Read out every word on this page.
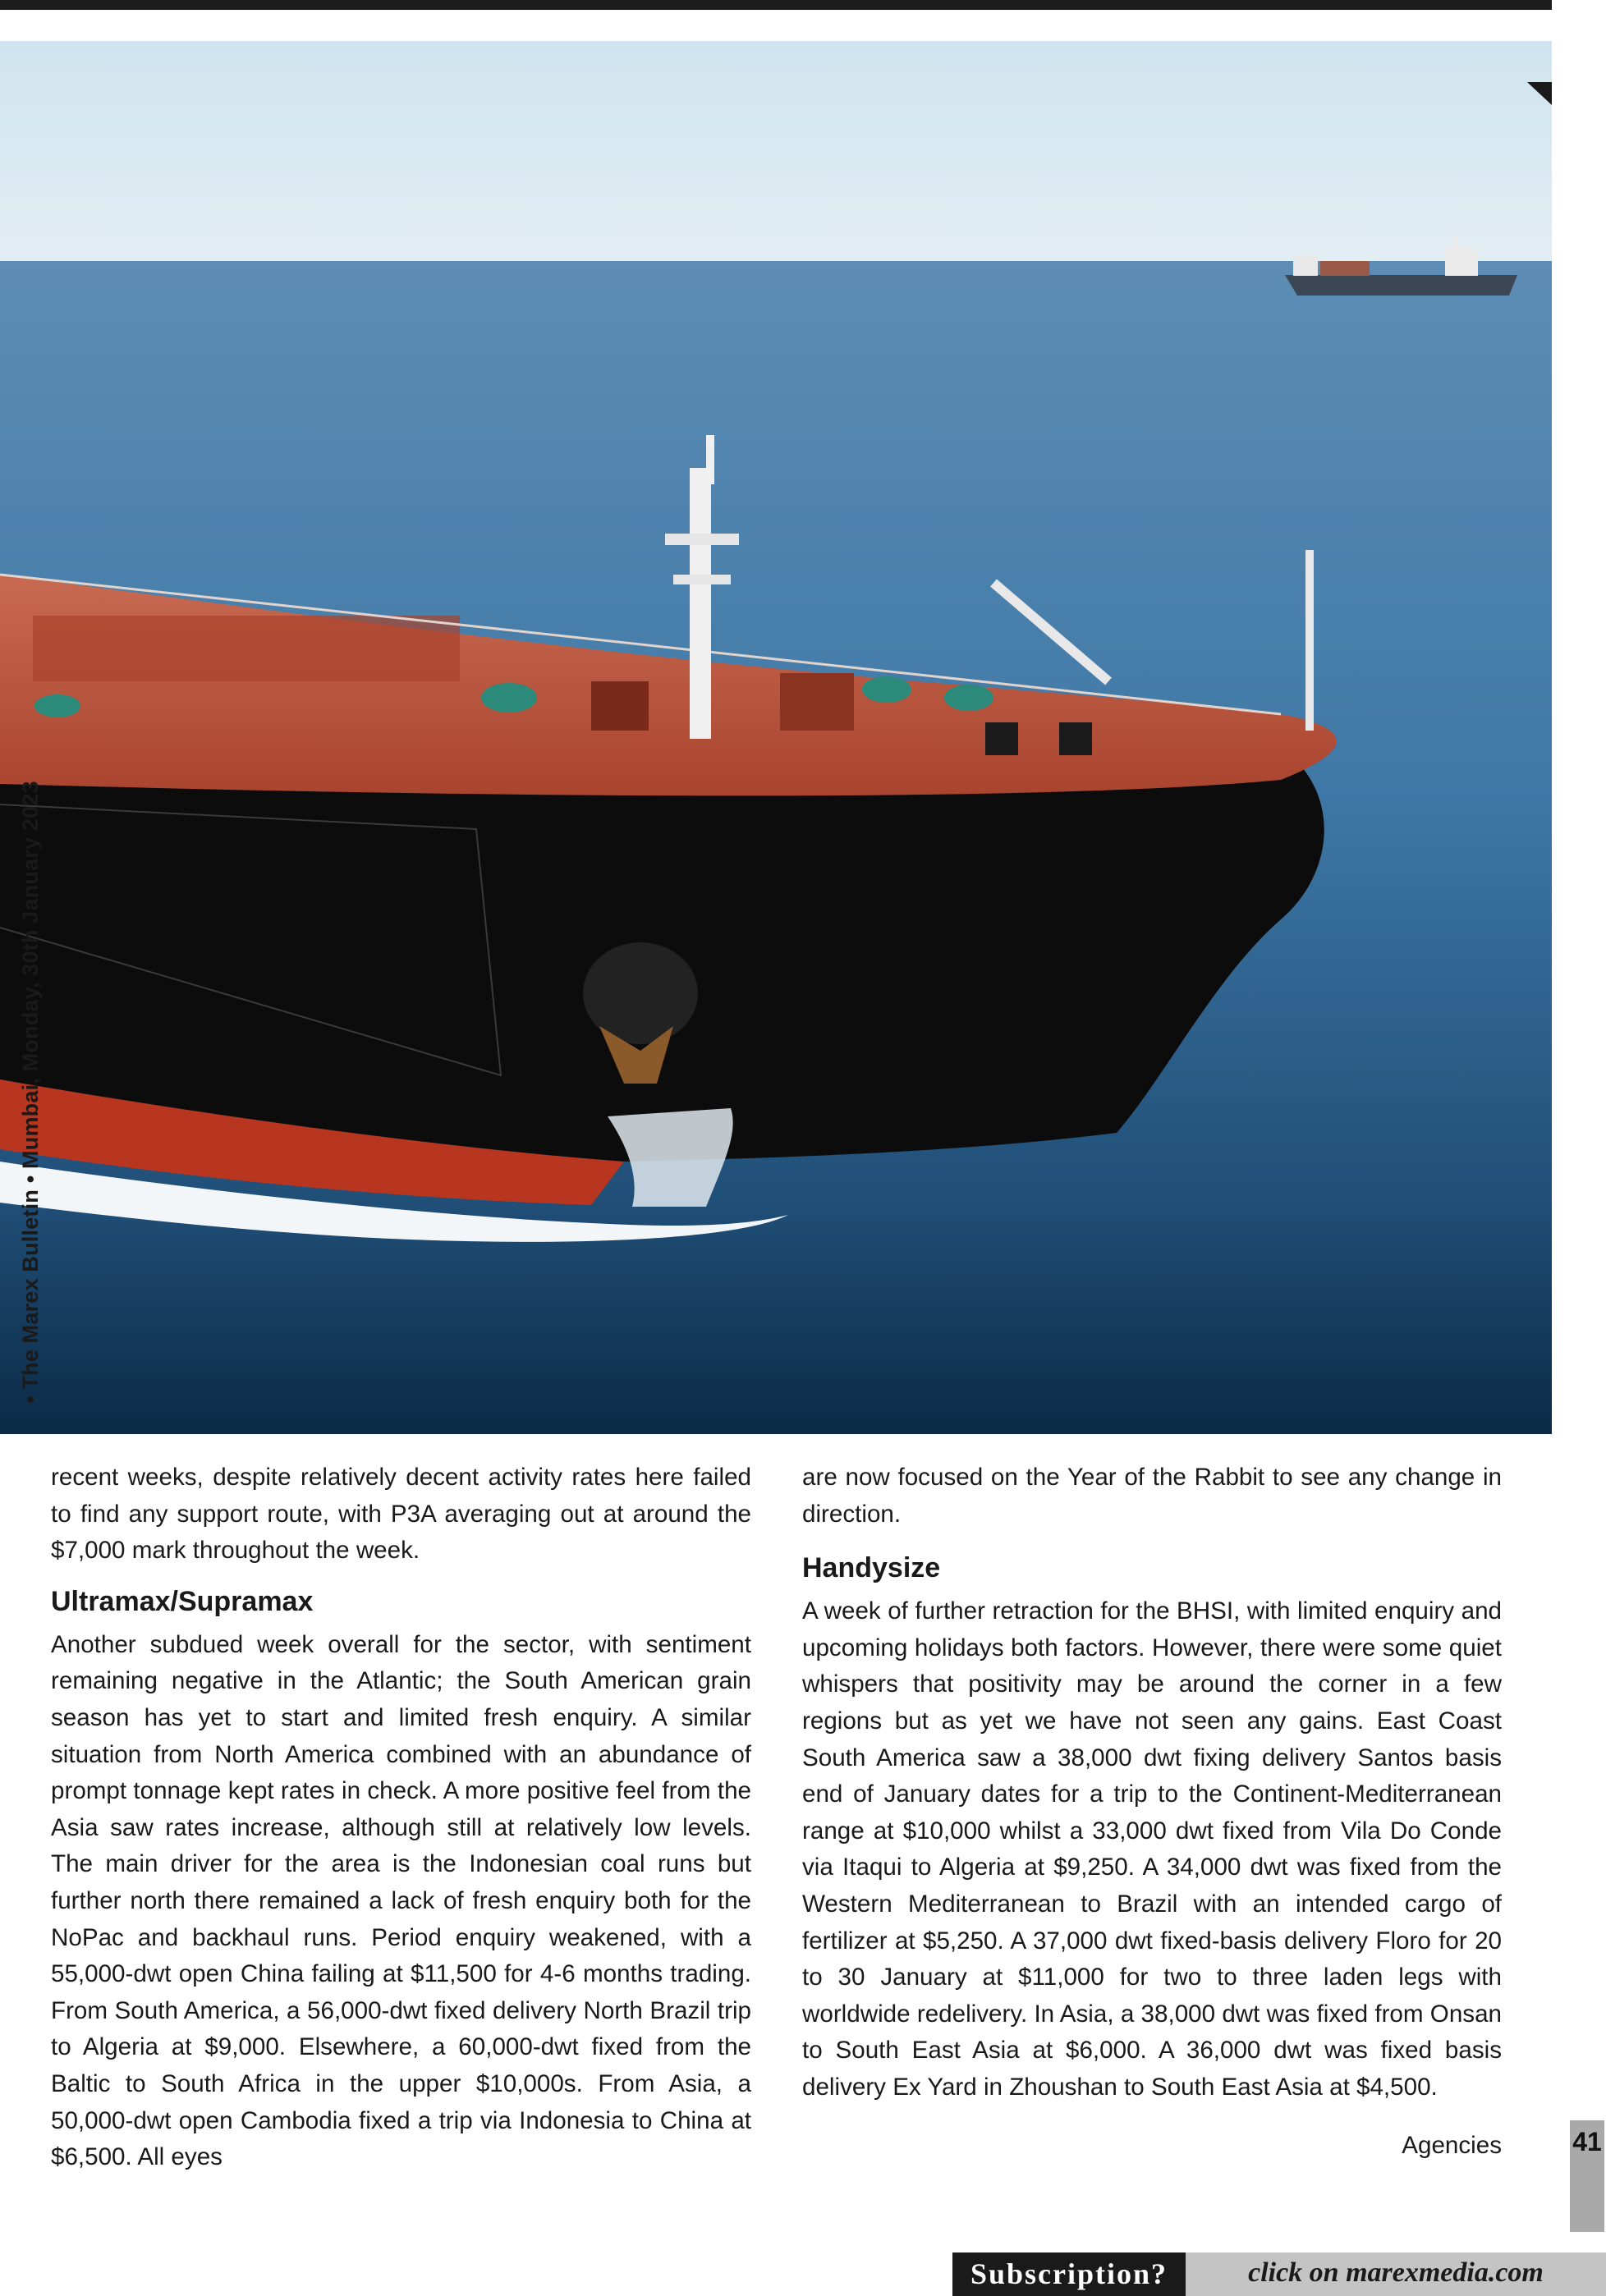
recent weeks, despite relatively decent activity rates here failed to find any support route, with P3A averaging out at around the $7,000 mark throughout the week.

Ultramax/Supramax

Another subdued week overall for the sector, with sentiment remaining negative in the Atlantic; the South American grain season has yet to start and limited fresh enquiry. A similar situation from North America combined with an abundance of prompt tonnage kept rates in check. A more positive feel from the Asia saw rates increase, although still at relatively low levels. The main driver for the area is the Indonesian coal runs but further north there remained a lack of fresh enquiry both for the NoPac and backhaul runs. Period enquiry weakened, with a 55,000-dwt open China failing at $11,500 for 4-6 months trading. From South America, a 56,000-dwt fixed delivery North Brazil trip to Algeria at $9,000. Elsewhere, a 60,000-dwt fixed from the Baltic to South Africa in the upper $10,000s. From Asia, a 50,000-dwt open Cambodia fixed a trip via Indonesia to China at $6,500. All eyes

are now focused on the Year of the Rabbit to see any change in direction.

Handysize

A week of further retraction for the BHSI, with limited enquiry and upcoming holidays both factors. However, there were some quiet whispers that positivity may be around the corner in a few regions but as yet we have not seen any gains. East Coast South America saw a 38,000 dwt fixing delivery Santos basis end of January dates for a trip to the Continent-Mediterranean range at $10,000 whilst a 33,000 dwt fixed from Vila Do Conde via Itaqui to Algeria at $9,250. A 34,000 dwt was fixed from the Western Mediterranean to Brazil with an intended cargo of fertilizer at $5,250. A 37,000 dwt fixed-basis delivery Floro for 20 to 30 January at $11,000 for two to three laden legs with worldwide redelivery. In Asia, a 38,000 dwt was fixed from Onsan to South East Asia at $6,000. A 36,000 dwt was fixed basis delivery Ex Yard in Zhoushan to South East Asia at $4,500.

Agencies

• The Marex Bulletin • Mumbai, Monday, 30th January 2023
41
Subscription?	click on marexmedia.com
